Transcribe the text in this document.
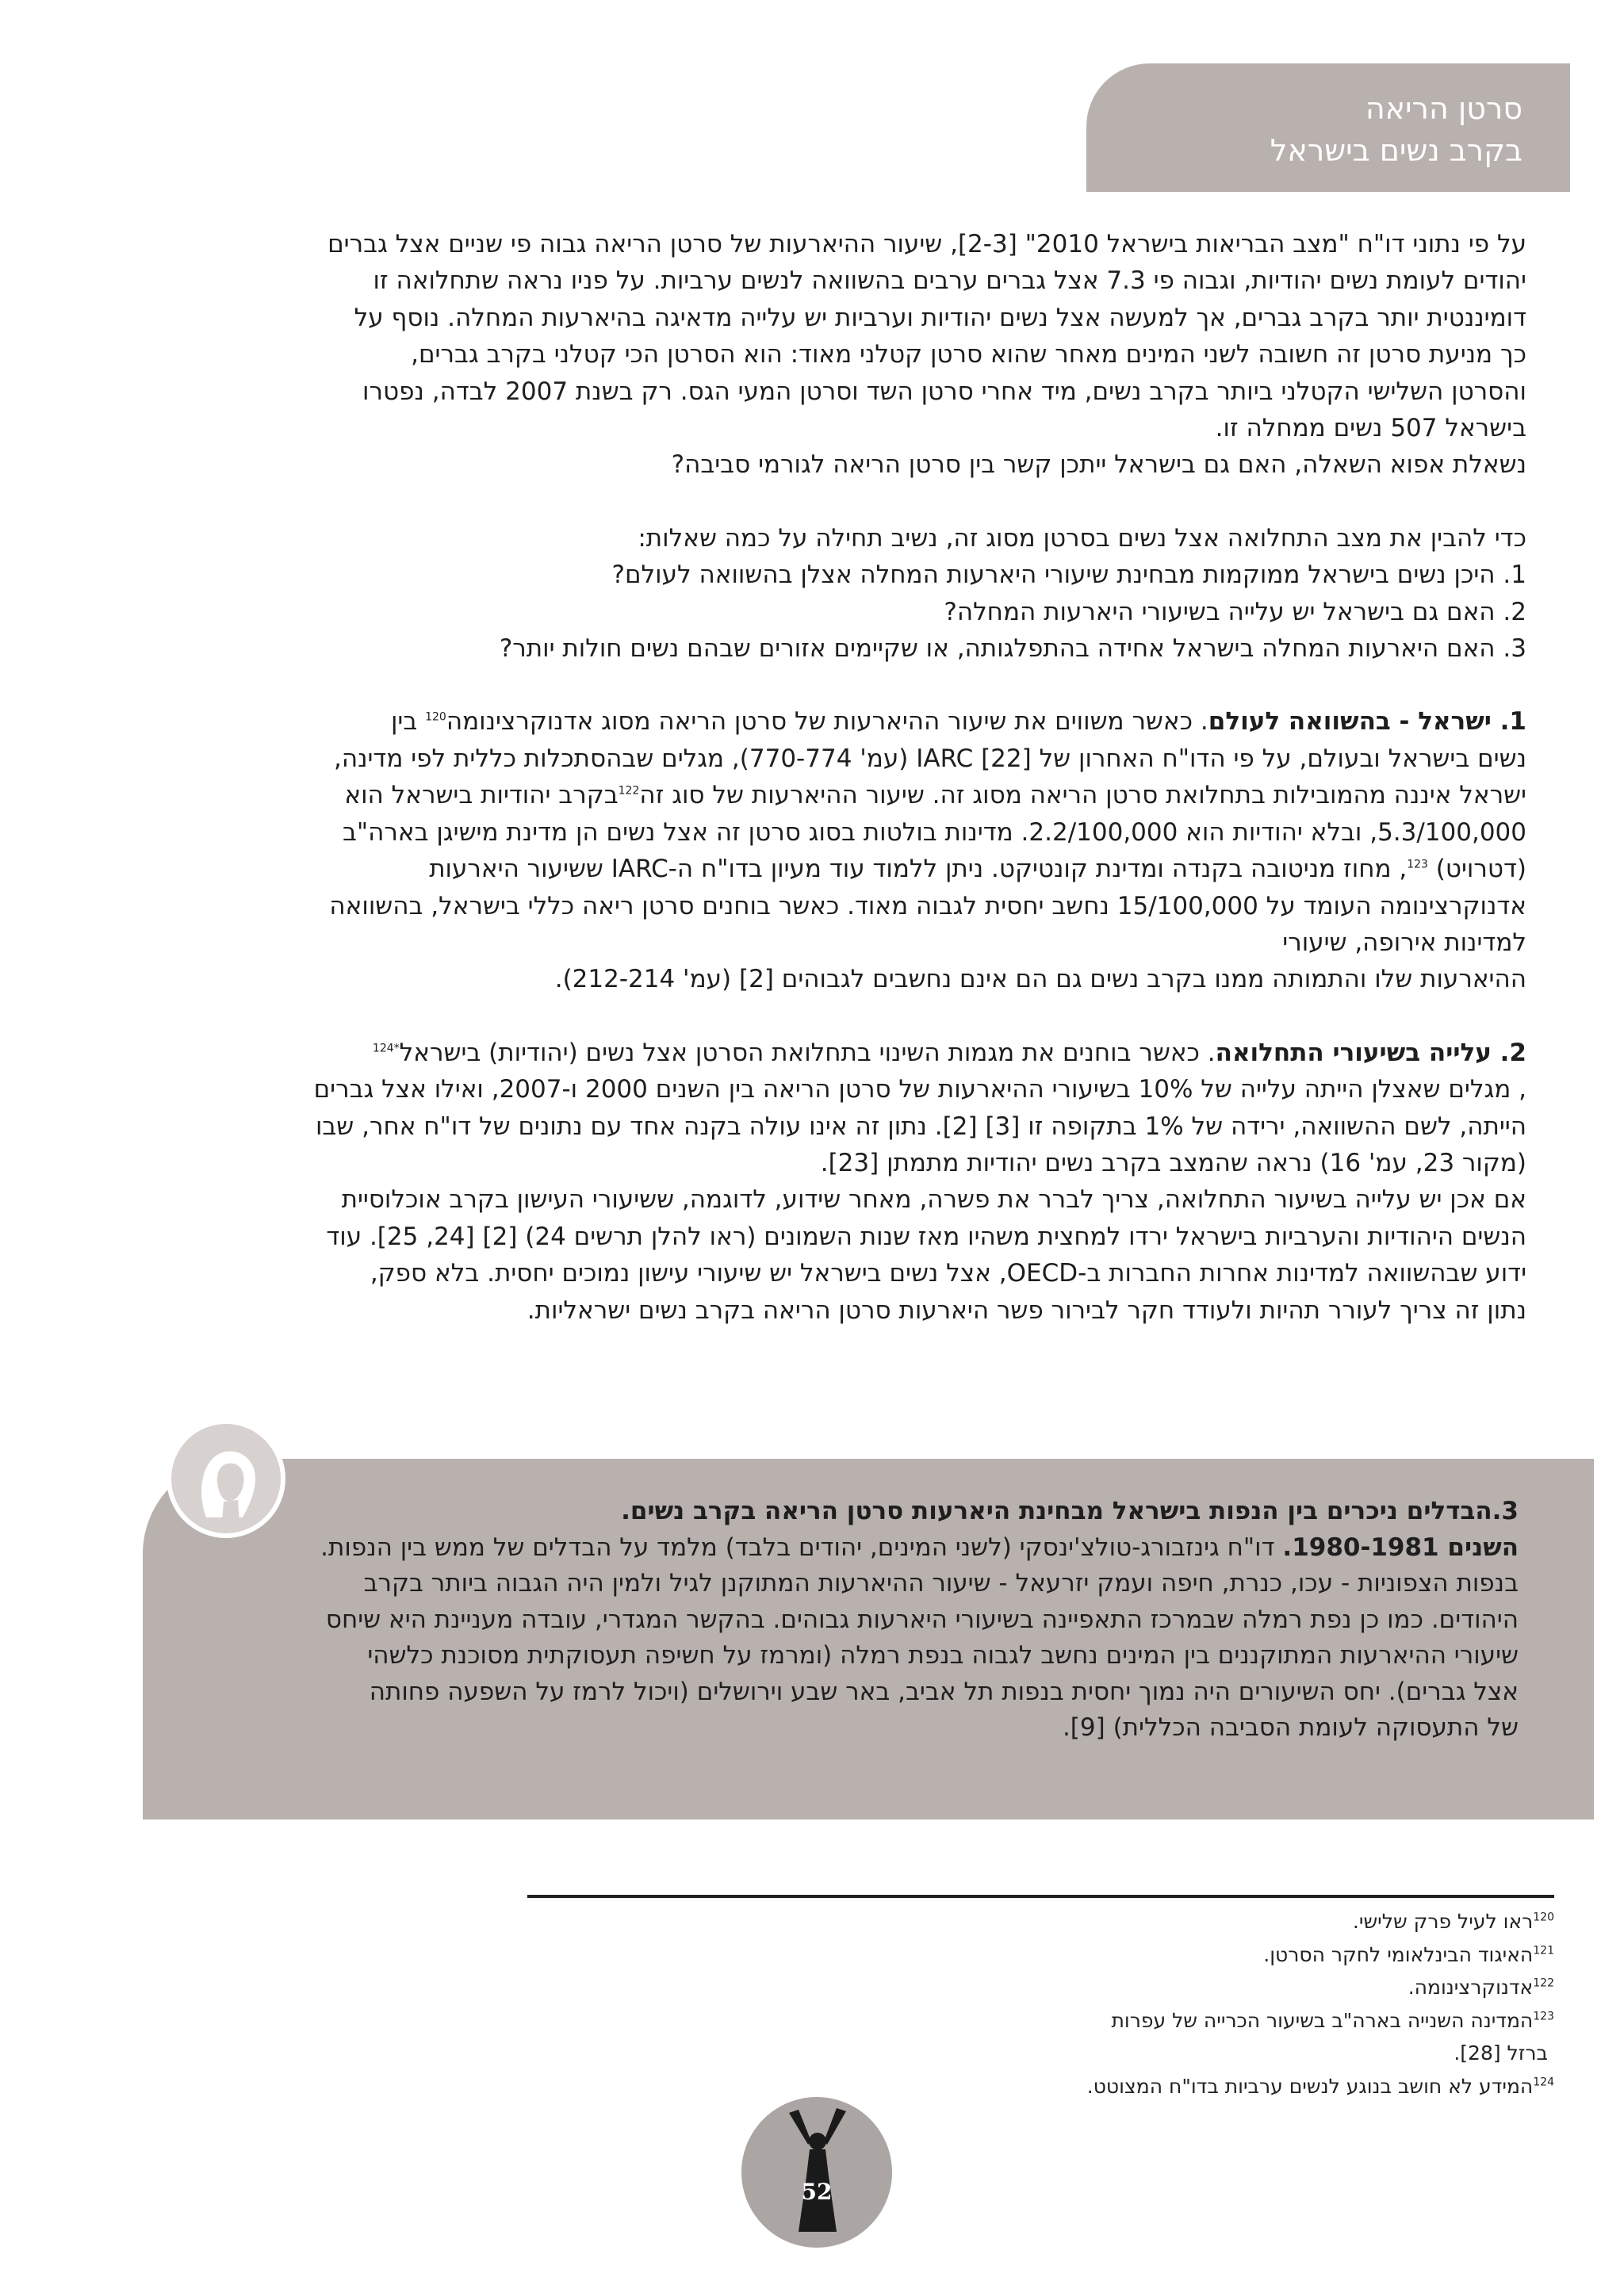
סרטן הריאה
בקרב נשים בישראל

על פי נתוני דו"ח "מצב הבריאות בישראל 2010" [2-3], שיעור ההיארעות של סרטן הריאה גבוה פי שניים אצל גברים

יהודים לעומת נשים יהודיות, וגבוה פי 7.3 אצל גברים ערבים בהשוואה לנשים ערביות. על פניו נראה שתחלואה זו

דומיננטית יותר בקרב גברים, אך למעשה אצל נשים יהודיות וערביות יש עלייה מדאיגה בהיארעות המחלה. נוסף על

כך מניעת סרטן זה חשובה לשני המינים מאחר שהוא סרטן קטלני מאוד: הוא הסרטן הכי קטלני בקרב גברים,

והסרטן השלישי הקטלני ביותר בקרב נשים, מיד אחרי סרטן השד וסרטן המעי הגס. רק בשנת 2007 לבדה, נפטרו

בישראל 507 נשים ממחלה זו.

נשאלת אפוא השאלה, האם גם בישראל ייתכן קשר בין סרטן הריאה לגורמי סביבה?

כדי להבין את מצב התחלואה אצל נשים בסרטן מסוג זה, נשיב תחילה על כמה שאלות:

1. היכן נשים בישראל ממוקמות מבחינת שיעורי היארעות המחלה אצלן בהשוואה לעולם?

2. האם גם בישראל יש עלייה בשיעורי היארעות המחלה?

3. האם היארעות המחלה בישראל אחידה בהתפלגותה, או שקיימים אזורים שבהם נשים חולות יותר?

1. ישראל - בהשוואה לעולם. כאשר משווים את שיעור ההיארעות של סרטן הריאה מסוג אדנוקרצינומה$^{120}$ בין

נשים בישראל ובעולם, על פי הדו"ח האחרון של IARC [22] (עמ' 770-774), מגלים שבהסתכלות כללית לפי מדינה,

ישראל איננה מהמובילות בתחלואת סרטן הריאה מסוג זה. שיעור ההיארעות של סוג זה$^{122}$בקרב יהודיות בישראל הוא

5.3/100,000, ובלא יהודיות הוא 2.2/100,000. מדינות בולטות בסוג סרטן זה אצל נשים הן מדינת מישיגן בארה"ב

(דטרויט) $^{123}$, מחוז מניטובה בקנדה ומדינת קונטיקט. ניתן ללמוד עוד מעיון בדו"ח ה-IARC ששיעור היארעות

אדנוקרצינומה העומד על 15/100,000 נחשב יחסית לגבוה מאוד. כאשר בוחנים סרטן ריאה כללי בישראל, בהשוואה

למדינות אירופה, שיעורי

ההיארעות שלו והתמותה ממנו בקרב נשים גם הם אינם נחשבים לגבוהים [2] (עמ' 212-214).

2. עלייה בשיעורי התחלואה. כאשר בוחנים את מגמות השינוי בתחלואת הסרטן אצל נשים (יהודיות) בישראל$^{*124}$

, מגלים שאצלן הייתה עלייה של 10% בשיעורי ההיארעות של סרטן הריאה בין השנים 2000 ו-2007, ואילו אצל גברים

הייתה, לשם ההשוואה, ירידה של 1% בתקופה זו [3] [2]. נתון זה אינו עולה בקנה אחד עם נתונים של דו"ח אחר, שבו

(מקור 23, עמ' 16) נראה שהמצב בקרב נשים יהודיות מתמתן [23].

אם אכן יש עלייה בשיעור התחלואה, צריך לברר את פשרה, מאחר שידוע, לדוגמה, ששיעורי העישון בקרב אוכלוסיית

הנשים היהודיות והערביות בישראל ירדו למחצית משהיו מאז שנות השמונים (ראו להלן תרשים 24) [2] [24, 25]. עוד

ידוע שבהשוואה למדינות אחרות החברות ב-OECD, אצל נשים בישראל יש שיעורי עישון נמוכים יחסית. בלא ספק,

נתון זה צריך לעורר תהיות ולעודד חקר לבירור פשר היארעות סרטן הריאה בקרב נשים ישראליות.

3.הבדלים ניכרים בין הנפות בישראל מבחינת היארעות סרטן הריאה בקרב נשים.

השנים 1980-1981. דו"ח גינזבורג-טולצ'ינסקי (לשני המינים, יהודים בלבד) מלמד על הבדלים של ממש בין הנפות.

בנפות הצפוניות - עכו, כנרת, חיפה ועמק יזרעאל - שיעור ההיארעות המתוקנן לגיל ולמין היה הגבוה ביותר בקרב

היהודים. כמו כן נפת רמלה שבמרכז התאפיינה בשיעורי היארעות גבוהים. בהקשר המגדרי, עובדה מעניינת היא שיחס

שיעורי ההיארעות המתוקננים בין המינים נחשב לגבוה בנפת רמלה (ומרמז על חשיפה תעסוקתית מסוכנת כלשהי

אצל גברים). יחס השיעורים היה נמוך יחסית בנפות תל אביב, באר שבע וירושלים (ויכול לרמז על השפעה פחותה

של התעסוקה לעומת הסביבה הכללית) [9].

$^{120}$ראו לעיל פרק שלישי.

$^{121}$האיגוד הבינלאומי לחקר הסרטן.

$^{122}$אדנוקרצינומה.

$^{123}$המדינה השנייה בארה"ב בשיעור הכרייה של עפרות

ברזל [28].

$^{124}$המידע לא חושב בנוגע לנשים ערביות בדו"ח המצוטט.

52
